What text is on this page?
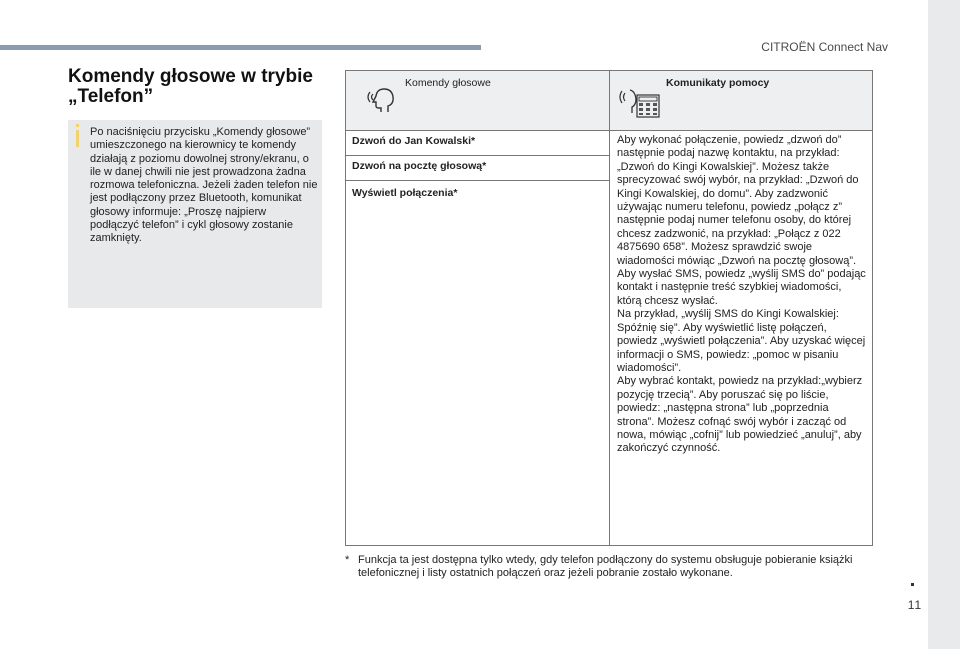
CITROËN Connect Nav
11
Komendy głosowe w trybie „Telefon”

Po naciśnięciu przycisku „Komendy głosowe” umieszczonego na kierownicy te komendy działają z poziomu dowolnej strony/ekranu, o ile w danej chwili nie jest prowadzona żadna rozmowa telefoniczna. Jeżeli żaden telefon nie jest podłączony przez Bluetooth, komunikat głosowy informuje: „Proszę najpierw podłączyć telefon” i cykl głosowy zostanie zamknięty.

Komendy głosowe	Komunikaty pomocy
Dzwoń do Jan Kowalski*
Dzwoń na pocztę głosową*
Wyświetl połączenia*

Aby wykonać połączenie, powiedz „dzwoń do” następnie podaj nazwę kontaktu, na przykład: „Dzwoń do Kingi Kowalskiej”. Możesz także sprecyzować swój wybór, na przykład: „Dzwoń do Kingi Kowalskiej, do domu”. Aby zadzwonić używając numeru telefonu, powiedz „połącz z” następnie podaj numer telefonu osoby, do której chcesz zadzwonić, na przykład: „Połącz z 022 4875690 658”. Możesz sprawdzić swoje wiadomości mówiąc „Dzwoń na pocztę głosową”. Aby wysłać SMS, powiedz „wyślij SMS do” podając kontakt i następnie treść szybkiej wiadomości, którą chcesz wysłać.
Na przykład, „wyślij SMS do Kingi Kowalskiej: Spóźnię się”. Aby wyświetlić listę połączeń, powiedz „wyświetl połączenia”. Aby uzyskać więcej informacji o SMS, powiedz: „pomoc w pisaniu wiadomości”.
Aby wybrać kontakt, powiedz na przykład:„wybierz pozycję trzecią”. Aby poruszać się po liście, powiedz: „następna strona” lub „poprzednia strona”. Możesz cofnąć swój wybór i zacząć od nowa, mówiąc „cofnij” lub powiedzieć „anuluj”, aby zakończyć czynność.

* Funkcja ta jest dostępna tylko wtedy, gdy telefon podłączony do systemu obsługuje pobieranie książki telefonicznej i listy ostatnich połączeń oraz jeżeli pobranie zostało wykonane.
